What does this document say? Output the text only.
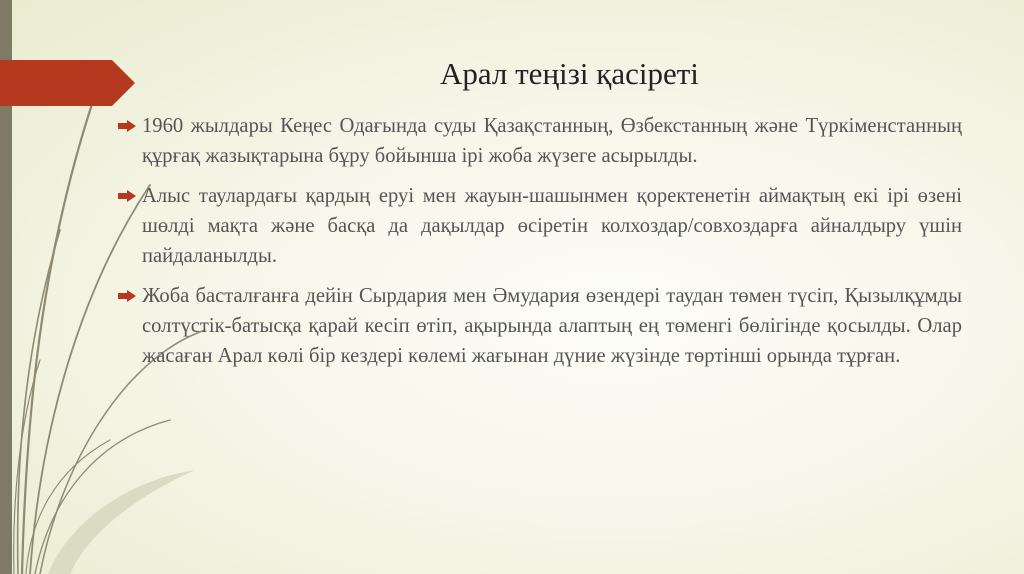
Арал теңізі қасіреті
1960 жылдары Кеңес Одағында суды Қазақстанның, Өзбекстанның және Түркіменстанның құрғақ жазықтарына бұру бойынша ірі жоба жүзеге асырылды.
Алыс таулардағы қардың еруі мен жауын-шашынмен қоректенетін аймақтың екі ірі өзені шөлді мақта және басқа да дақылдар өсіретін колхоздар/совхоздарға айналдыру үшін пайдаланылды.
Жоба басталғанға дейін Сырдария мен Әмудария өзендері таудан төмен түсіп, Қызылқұмды солтүстік-батысқа қарай кесіп өтіп, ақырында алаптың ең төменгі бөлігінде қосылды. Олар жасаған Арал көлі бір кездері көлемі жағынан дүние жүзінде төртінші орында тұрған.
